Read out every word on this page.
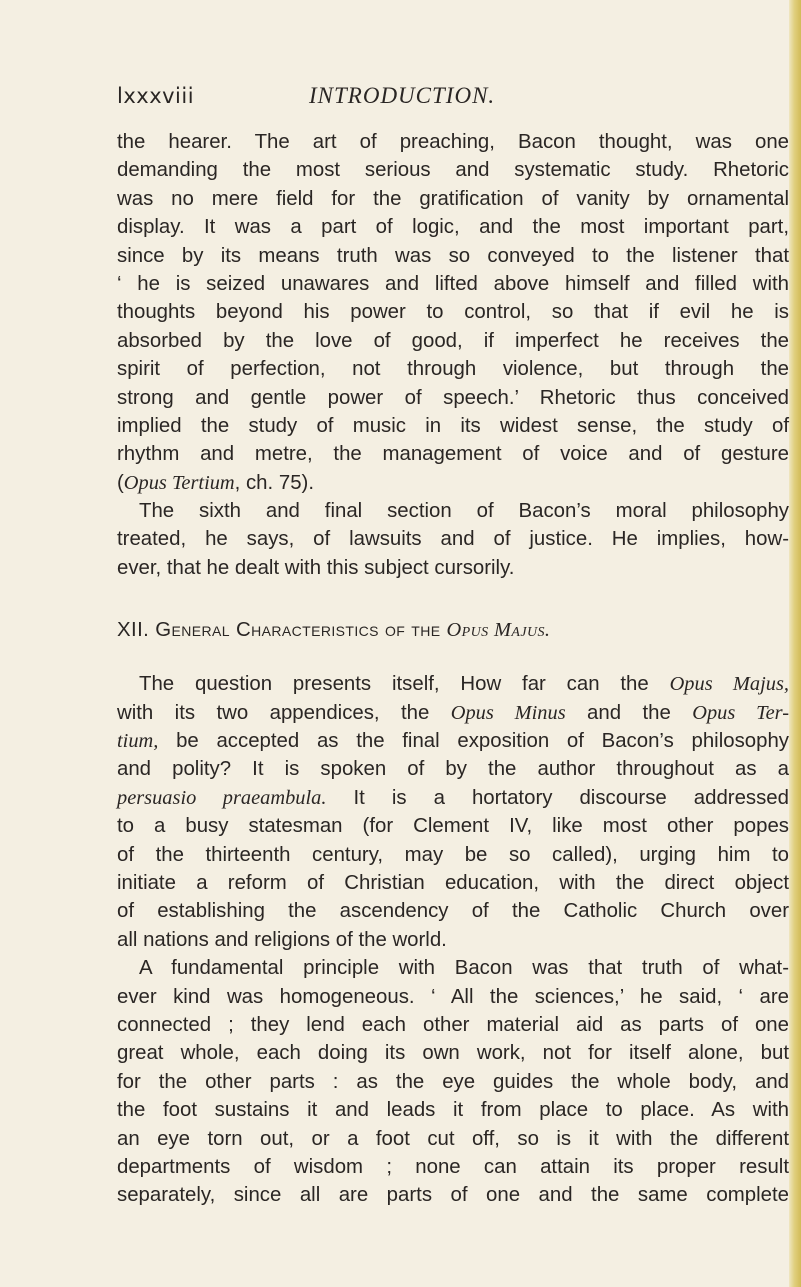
lxxxviii	INTRODUCTION.
the hearer. The art of preaching, Bacon thought, was one
demanding the most serious and systematic study. Rhetoric
was no mere field for the gratification of vanity by ornamental
display. It was a part of logic, and the most important part,
since by its means truth was so conveyed to the listener that
‘ he is seized unawares and lifted above himself and filled with
thoughts beyond his power to control, so that if evil he is
absorbed by the love of good, if imperfect he receives the
spirit of perfection, not through violence, but through the
strong and gentle power of speech.’ Rhetoric thus conceived
implied the study of music in its widest sense, the study of
rhythm and metre, the management of voice and of gesture
(Opus Tertium, ch. 75).
The sixth and final section of Bacon’s moral philosophy
treated, he says, of lawsuits and of justice. He implies, how-
ever, that he dealt with this subject cursorily.
XII. General Characteristics of the Opus Majus.
The question presents itself, How far can the Opus Majus,
with its two appendices, the Opus Minus and the Opus Ter-
tium, be accepted as the final exposition of Bacon’s philosophy
and polity? It is spoken of by the author throughout as a
persuasio praeambula. It is a hortatory discourse addressed
to a busy statesman (for Clement IV, like most other popes
of the thirteenth century, may be so called), urging him to
initiate a reform of Christian education, with the direct object
of establishing the ascendency of the Catholic Church over
all nations and religions of the world.
A fundamental principle with Bacon was that truth of what-
ever kind was homogeneous. ‘ All the sciences,’ he said, ‘ are
connected ; they lend each other material aid as parts of one
great whole, each doing its own work, not for itself alone, but
for the other parts : as the eye guides the whole body, and
the foot sustains it and leads it from place to place. As with
an eye torn out, or a foot cut off, so is it with the different
departments of wisdom ; none can attain its proper result
separately, since all are parts of one and the same complete
